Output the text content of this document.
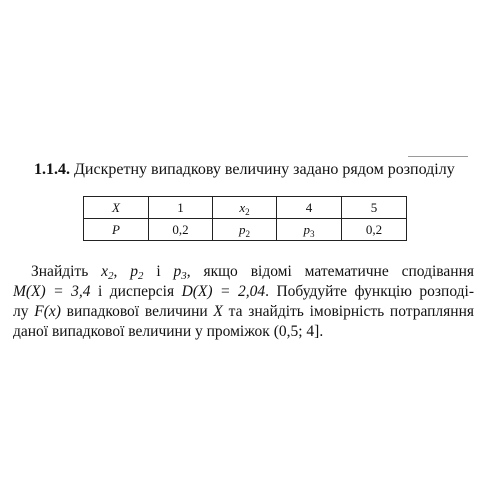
1.1.4. Дискретну випадкову величину задано рядом розподілу
X	1	$x_2$	4	5
P	0,2	$p_2$	$p_3$	0,2
Знайдіть $x_2$, $p_2$ і $p_3$, якщо відомі математичне сподівання
M(X) = 3,4 і дисперсія D(X) = 2,04. Побудуйте функцію розподі-
лу F(x) випадкової величини X та знайдіть імовірність потрапляння
даної випадкової величини у проміжок (0,5; 4].
